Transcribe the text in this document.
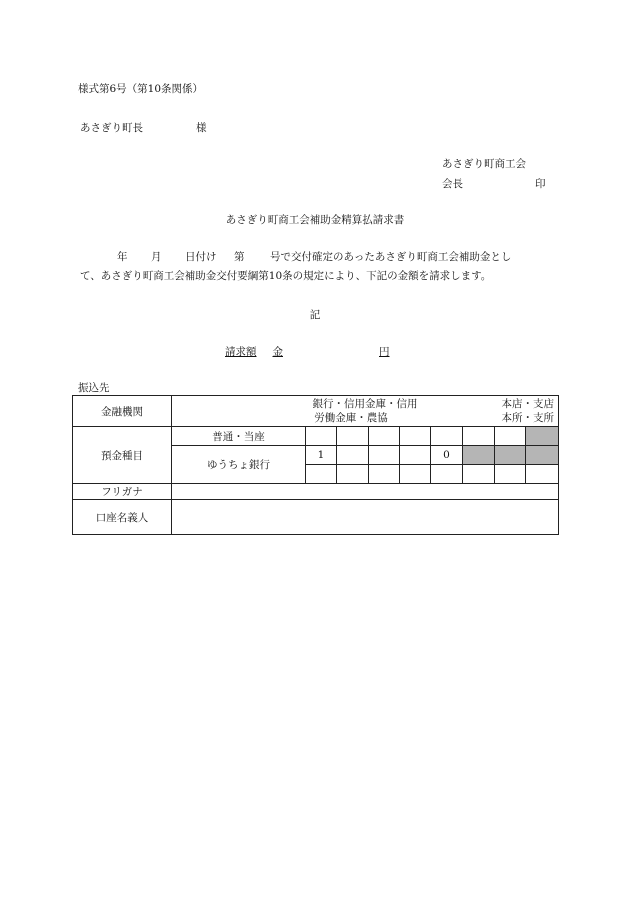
様式第6号（第10条関係）
あさぎり町長	様
あさぎり町商工会
会長	印
あさぎり町商工会補助金精算払請求書
年 月 日付け 第 号で交付確定のあったあさぎり町商工会補助金とし
て、あさぎり町商工会補助金交付要綱第10条の規定により、下記の金額を請求します。
記
請求額 金	円
振込先
金融機関	銀行・信用金庫・信用
労働金庫・農協
本店・支店
本所・支所								

預金種目	普通・当座								
	ゆうちょ銀行	1				0			

フリガナ									
口座名義人									
